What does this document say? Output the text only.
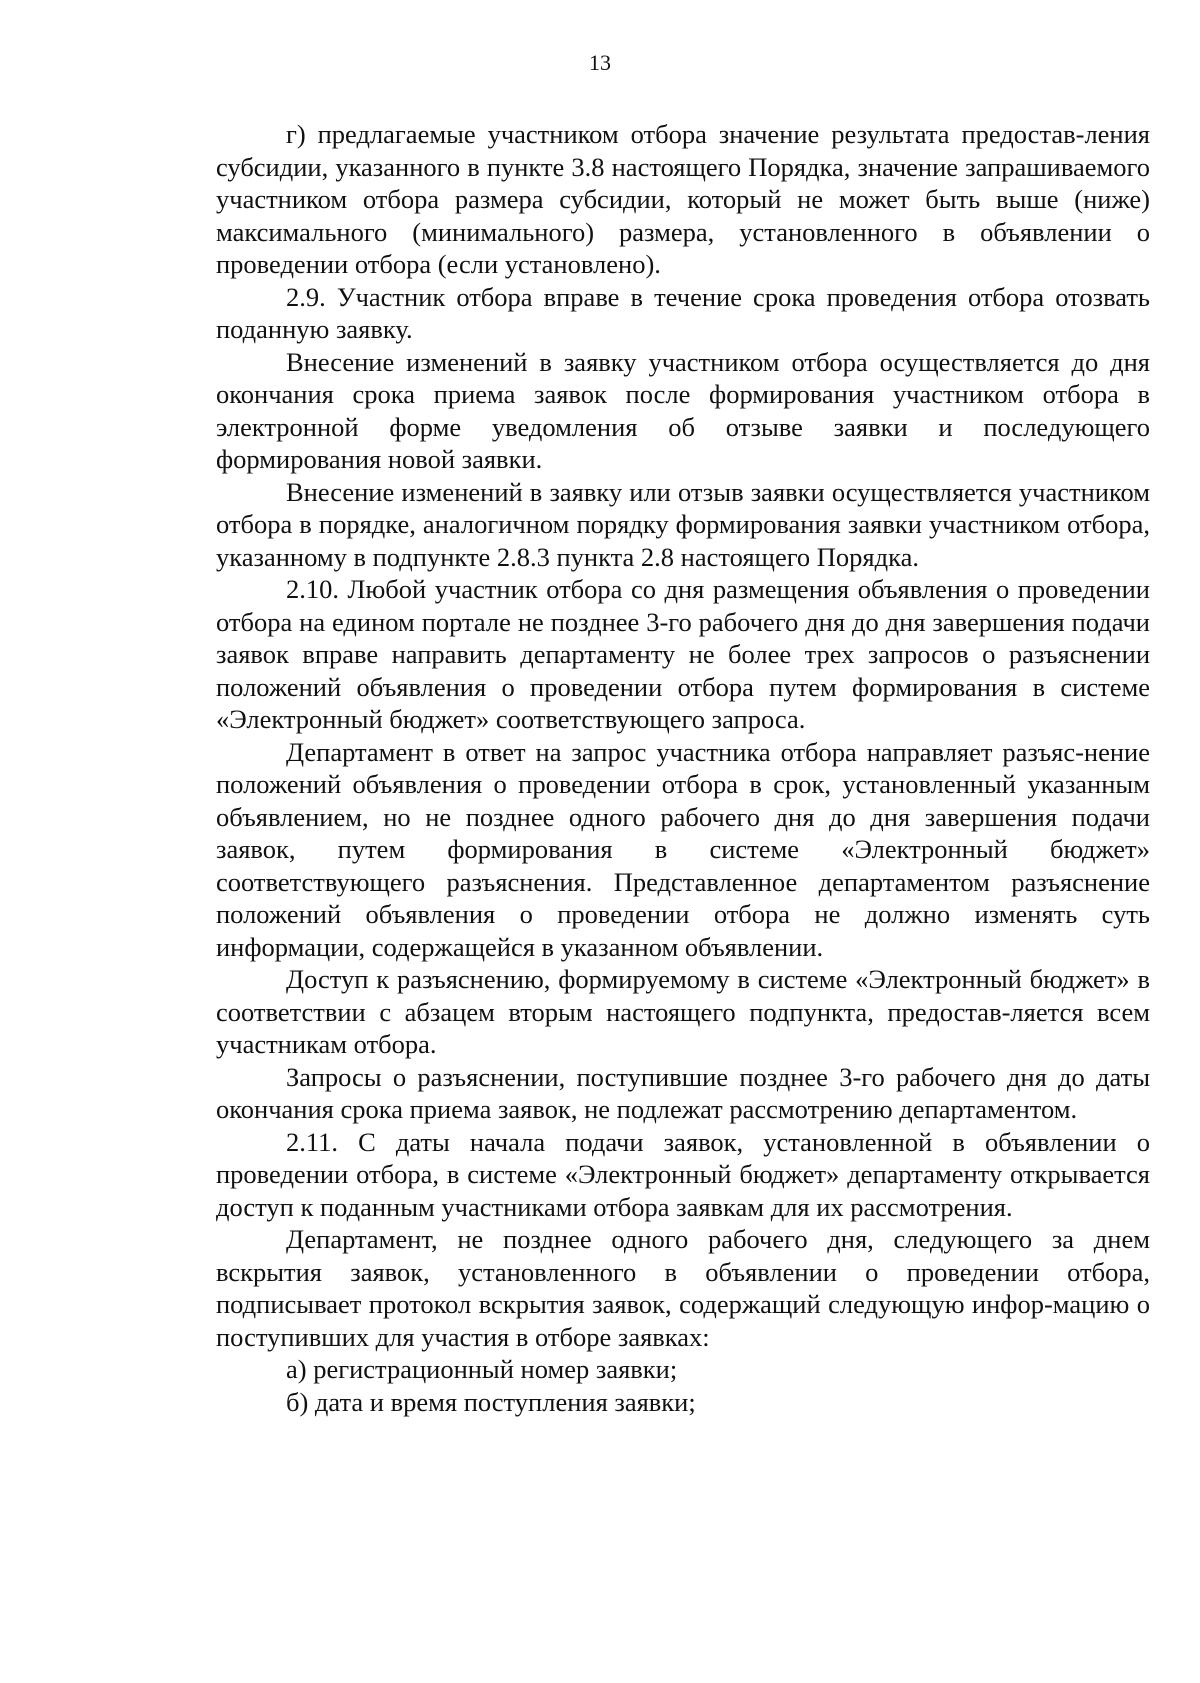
13

г) предлагаемые участником отбора значение результата предостав-ления субсидии, указанного в пункте 3.8 настоящего Порядка, значение запрашиваемого участником отбора размера субсидии, который не может быть выше (ниже) максимального (минимального) размера, установленного в объявлении о проведении отбора (если установлено).

2.9. Участник отбора вправе в течение срока проведения отбора отозвать поданную заявку.

Внесение изменений в заявку участником отбора осуществляется до дня окончания срока приема заявок после формирования участником отбора в электронной форме уведомления об отзыве заявки и последующего формирования новой заявки.

Внесение изменений в заявку или отзыв заявки осуществляется участником отбора в порядке, аналогичном порядку формирования заявки участником отбора, указанному в подпункте 2.8.3 пункта 2.8 настоящего Порядка.

2.10. Любой участник отбора со дня размещения объявления о проведении отбора на едином портале не позднее 3-го рабочего дня до дня завершения подачи заявок вправе направить департаменту не более трех запросов о разъяснении положений объявления о проведении отбора путем формирования в системе «Электронный бюджет» соответствующего запроса.

Департамент в ответ на запрос участника отбора направляет разъяс-нение положений объявления о проведении отбора в срок, установленный указанным объявлением, но не позднее одного рабочего дня до дня завершения подачи заявок, путем формирования в системе «Электронный бюджет» соответствующего разъяснения. Представленное департаментом разъяснение положений объявления о проведении отбора не должно изменять суть информации, содержащейся в указанном объявлении.

Доступ к разъяснению, формируемому в системе «Электронный бюджет» в соответствии с абзацем вторым настоящего подпункта, предостав-ляется всем участникам отбора.

Запросы о разъяснении, поступившие позднее 3-го рабочего дня до даты окончания срока приема заявок, не подлежат рассмотрению департаментом.

2.11. С даты начала подачи заявок, установленной в объявлении о проведении отбора, в системе «Электронный бюджет» департаменту открывается доступ к поданным участниками отбора заявкам для их рассмотрения.

Департамент, не позднее одного рабочего дня, следующего за днем вскрытия заявок, установленного в объявлении о проведении отбора, подписывает протокол вскрытия заявок, содержащий следующую инфор-мацию о поступивших для участия в отборе заявках:

а) регистрационный номер заявки;

б) дата и время поступления заявки;
